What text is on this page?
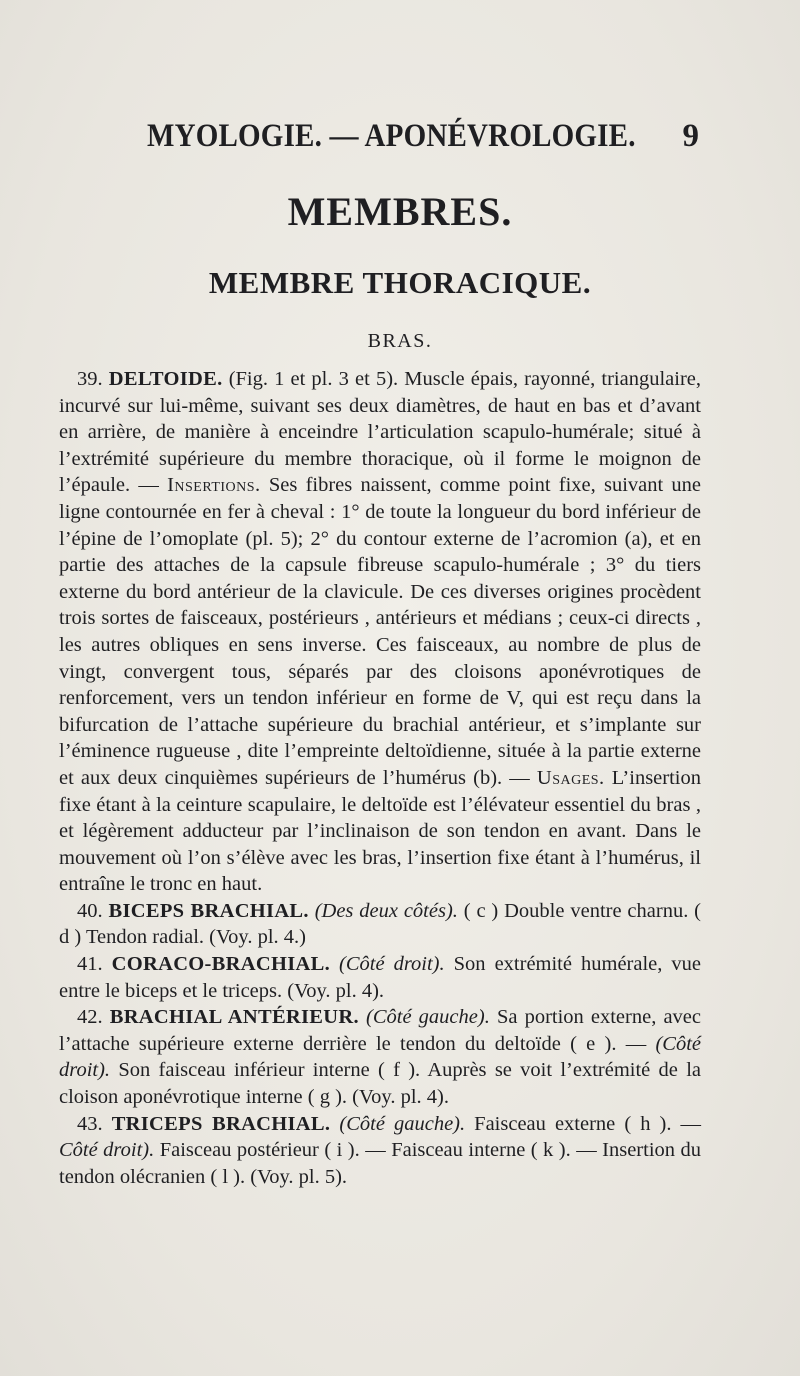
MYOLOGIE. — APONÉVROLOGIE. 9
MEMBRES.
MEMBRE THORACIQUE.
BRAS.

39. DELTOIDE. (Fig. 1 et pl. 3 et 5). Muscle épais, rayonné, triangulaire, incurvé sur lui-même, suivant ses deux diamètres, de haut en bas et d’avant en arrière, de manière à enceindre l’articulation scapulo-humérale; situé à l’extrémité supérieure du membre thoracique, où il forme le moignon de l’épaule. — Insertions. Ses fibres naissent, comme point fixe, suivant une ligne contournée en fer à cheval : 1° de toute la longueur du bord inférieur de l’épine de l’omoplate (pl. 5); 2° du contour externe de l’acromion (a), et en partie des attaches de la capsule fibreuse scapulo-humérale ; 3° du tiers externe du bord antérieur de la clavicule. De ces diverses origines procèdent trois sortes de faisceaux, postérieurs , antérieurs et médians ; ceux-ci directs , les autres obliques en sens inverse. Ces faisceaux, au nombre de plus de vingt, convergent tous, séparés par des cloisons aponévrotiques de renforcement, vers un tendon inférieur en forme de V, qui est reçu dans la bifurcation de l’attache supérieure du brachial antérieur, et s’implante sur l’éminence rugueuse , dite l’empreinte deltoïdienne, située à la partie externe et aux deux cinquièmes supérieurs de l’humérus (b). — Usages. L’insertion fixe étant à la ceinture scapulaire, le deltoïde est l’élévateur essentiel du bras , et légèrement adducteur par l’inclinaison de son tendon en avant. Dans le mouvement où l’on s’élève avec les bras, l’insertion fixe étant à l’humérus, il entraîne le tronc en haut.

40. BICEPS BRACHIAL. (Des deux côtés). ( c ) Double ventre charnu. ( d ) Tendon radial. (Voy. pl. 4.)

41. CORACO-BRACHIAL. (Côté droit). Son extrémité humérale, vue entre le biceps et le triceps. (Voy. pl. 4).

42. BRACHIAL ANTÉRIEUR. (Côté gauche). Sa portion externe, avec l’attache supérieure externe derrière le tendon du deltoïde ( e ). — (Côté droit). Son faisceau inférieur interne ( f ). Auprès se voit l’extrémité de la cloison aponévrotique interne ( g ). (Voy. pl. 4).

43. TRICEPS BRACHIAL. (Côté gauche). Faisceau externe ( h ). — Côté droit). Faisceau postérieur ( i ). — Faisceau interne ( k ). — Insertion du tendon olécranien ( l ). (Voy. pl. 5).
